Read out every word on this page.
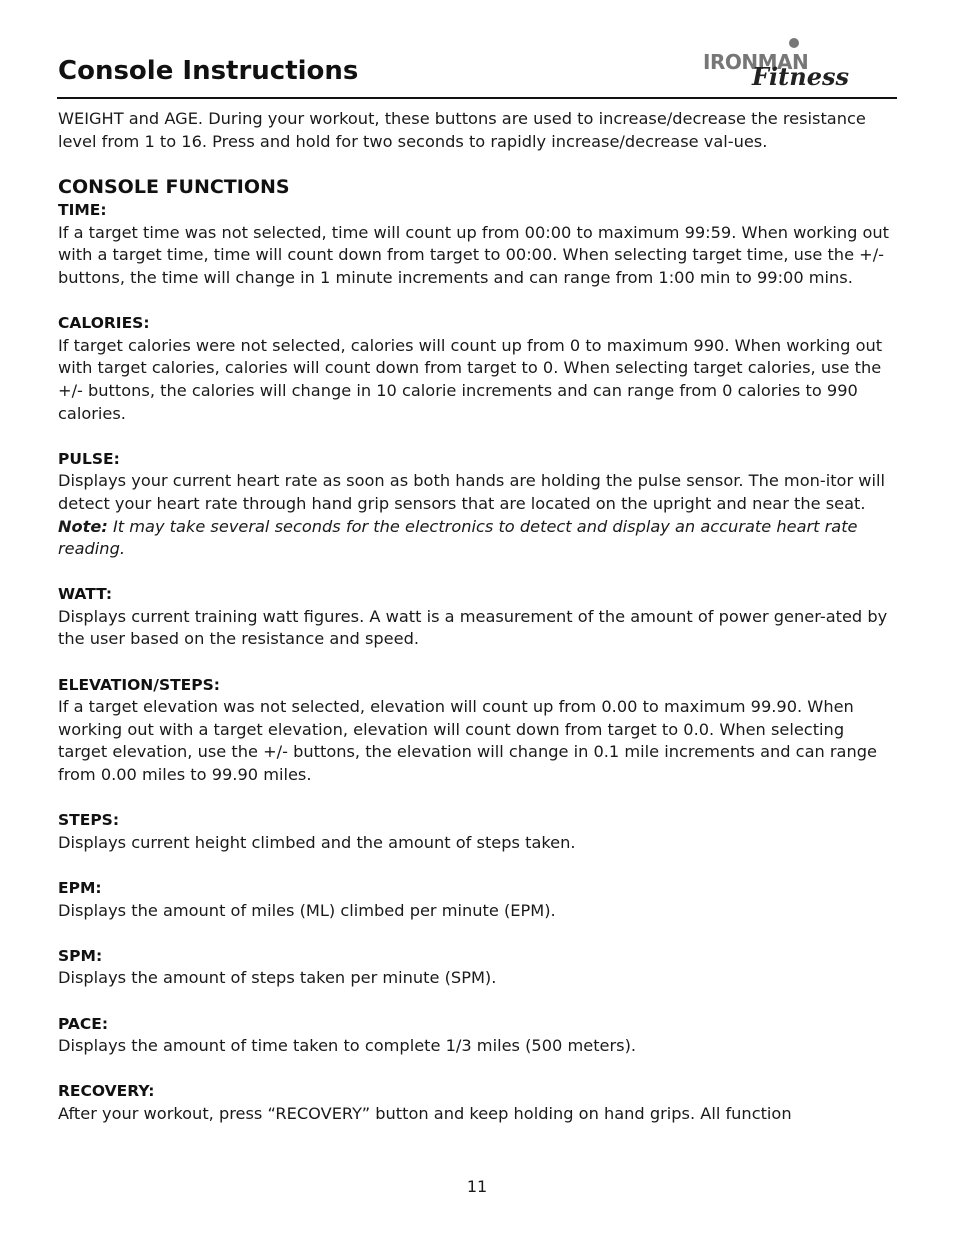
Console Instructions	IRONMAN
Fitness

WEIGHT and AGE. During your workout, these buttons are used to increase/decrease the resistance level from 1 to 16. Press and hold for two seconds to rapidly increase/decrease val-ues.

CONSOLE FUNCTIONS
TIME:

If a target time was not selected, time will count up from 00:00 to maximum 99:59. When working out with a target time, time will count down from target to 00:00. When selecting target time, use the +/- buttons, the time will change in 1 minute increments and can range from 1:00 min to 99:00 mins.

CALORIES:

If target calories were not selected, calories will count up from 0 to maximum 990. When working out with target calories, calories will count down from target to 0. When selecting target calories, use the +/- buttons, the calories will change in 10 calorie increments and can range from 0 calories to 990 calories.

PULSE:

Displays your current heart rate as soon as both hands are holding the pulse sensor. The mon-itor will detect your heart rate through hand grip sensors that are located on the upright and near the seat. Note: It may take several seconds for the electronics to detect and display an accurate heart rate reading.

WATT:

Displays current training watt figures. A watt is a measurement of the amount of power gener-ated by the user based on the resistance and speed.

ELEVATION/STEPS:

If a target elevation was not selected, elevation will count up from 0.00 to maximum 99.90. When working out with a target elevation, elevation will count down from target to 0.0. When selecting target elevation, use the +/- buttons, the elevation will change in 0.1 mile increments and can range from 0.00 miles to 99.90 miles.

STEPS:

Displays current height climbed and the amount of steps taken.

EPM:

Displays the amount of miles (ML) climbed per minute (EPM).

SPM:

Displays the amount of steps taken per minute (SPM).

PACE:

Displays the amount of time taken to complete 1/3 miles (500 meters).

RECOVERY:

After your workout, press “RECOVERY” button and keep holding on hand grips. All function

11
